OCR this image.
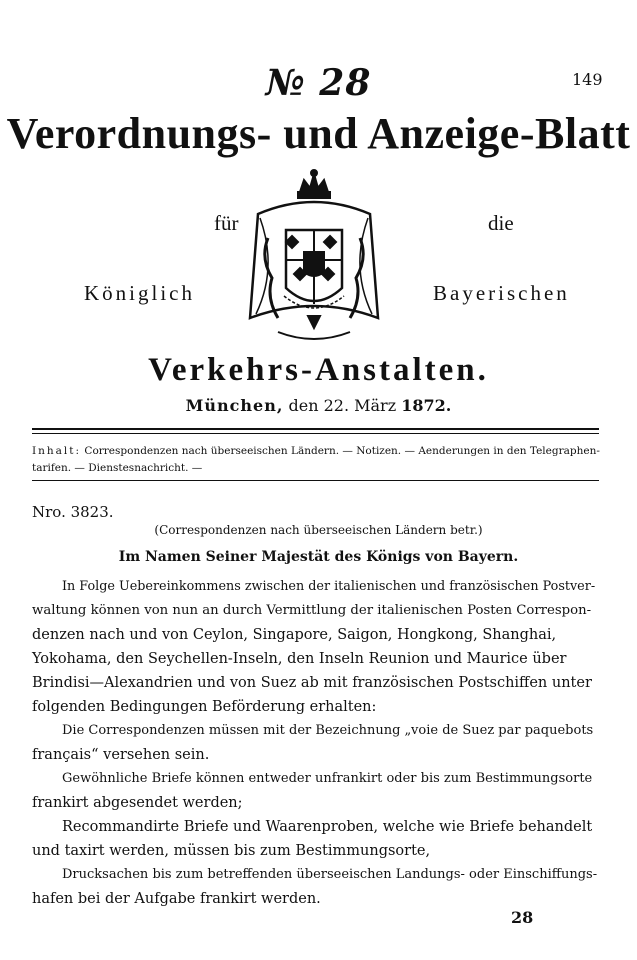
№ 28	149
Verordnungs- und Anzeige-Blatt
für	die
Königlich	Bayerischen
Verkehrs-Anstalten.
München, den 22. März 1872.
Inhalt: Correspondenzen nach überseeischen Ländern. — Notizen. — Aenderungen in den Telegraphen-
tarifen. — Dienstesnachricht. —
Nro. 3823.
(Correspondenzen nach überseeischen Ländern betr.)
Im Namen Seiner Majestät des Königs von Bayern.
In Folge Uebereinkommens zwischen der italienischen und französischen Postver-
waltung können von nun an durch Vermittlung der italienischen Posten Correspon-
denzen nach und von Ceylon, Singapore, Saigon, Hongkong, Shanghai,
Yokohama, den Seychellen-Inseln, den Inseln Reunion und Maurice über
Brindisi—Alexandrien und von Suez ab mit französischen Postschiffen unter
folgenden Bedingungen Beförderung erhalten:
Die Correspondenzen müssen mit der Bezeichnung „voie de Suez par paquebots
français“ versehen sein.
Gewöhnliche Briefe können entweder unfrankirt oder bis zum Bestimmungsorte
frankirt abgesendet werden;
Recommandirte Briefe und Waarenproben, welche wie Briefe behandelt
und taxirt werden, müssen bis zum Bestimmungsorte,
Drucksachen bis zum betreffenden überseeischen Landungs- oder Einschiffungs-
hafen bei der Aufgabe frankirt werden.
28
